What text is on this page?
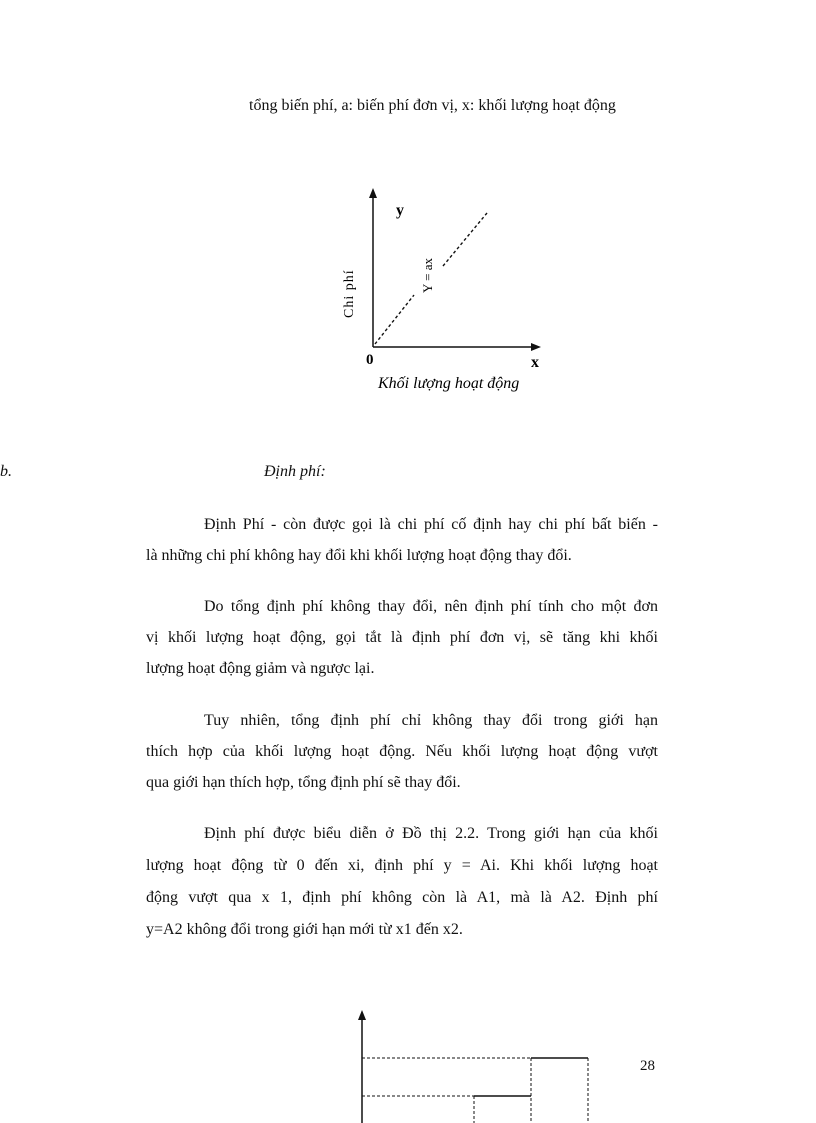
tổng biến phí, a: biến phí đơn vị, x: khối lượng hoạt động
y
x
0
Chi phí	Y = ax
Khối lượng hoạt động
b.	Định phí:
Định Phí - còn được gọi là chi phí cố định hay chi phí bất biến -
là những chi phí không hay đổi khi khối lượng hoạt động thay đổi.
Do tổng định phí không thay đổi, nên định phí tính cho một đơn
vị khối lượng hoạt động, gọi tắt là định phí đơn vị, sẽ tăng khi khối
lượng hoạt động giảm và ngược lại.
Tuy nhiên, tổng định phí chỉ không thay đổi trong giới hạn
thích hợp của khối lượng hoạt động. Nếu khối lượng hoạt động vượt
qua giới hạn thích hợp, tổng định phí sẽ thay đổi.
Định phí được biểu diễn ở Đồ thị 2.2. Trong giới hạn của khối
lượng hoạt động từ 0 đến xi, định phí y = Ai. Khi khối lượng hoạt
động vượt qua x 1, định phí không còn là A1, mà là A2. Định phí
y=A2 không đổi trong giới hạn mới từ x1 đến x2.
28
